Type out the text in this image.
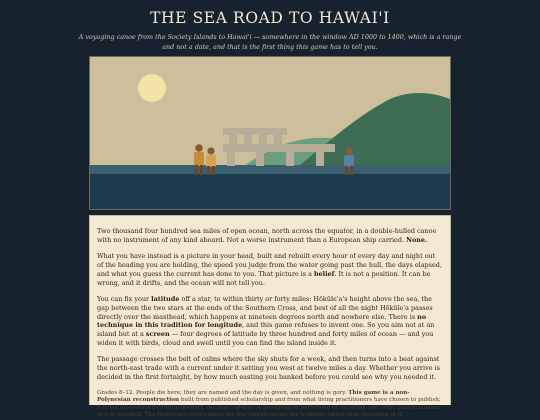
THE SEA ROAD TO HAWAI'I

A voyaging canoe from the Society Islands to Hawai'i — somewhere in the window AD 1000 to 1400, which is a range and not a date, and that is the first thing this game has to tell you.

Two thousand four hundred sea miles of open ocean, north across the equator, in a double-hulled canoe with no instrument of any kind aboard. Not a worse instrument than a European ship carried. None.

What you have instead is a picture in your head, built and rebuilt every hour of every day and night out of the heading you are holding, the speed you judge from the water going past the hull, the days elapsed, and what you guess the current has done to you. That picture is a belief. It is not a position. It can be wrong, and it drifts, and the ocean will not tell you.

You can fix your latitude off a star, to within thirty or forty miles: Hōkūle'a's height above the sea, the gap between the two stars at the ends of the Southern Cross, and best of all the night Hōkūle'a passes directly over the masthead, which happens at nineteen degrees north and nowhere else. There is no technique in this tradition for longitude, and this game refuses to invent one. So you aim not at an island but at a screen — four degrees of latitude by three hundred and forty miles of ocean — and you widen it with birds, cloud and swell until you can find the island inside it.

The passage crosses the belt of calms where the sky shuts for a week, and then turns into a beat against the north-east trade with a current under it setting you west at twelve miles a day. Whether you arrive is decided in the first fortnight, by how much easting you banked before you could see why you needed it.

Grades 8–12. People die here; they are named and the day is given, and nothing is gory. This game is a non-Polynesian reconstruction built from published scholarship and from what living practitioners have chosen to publish; it is not an endorsed cultural product, no chant, prayer or genealogy is performed or invented, and every personal name in it is invented. The Historian's Notes name the live dispute inside the tradition rather than gesturing at it.
